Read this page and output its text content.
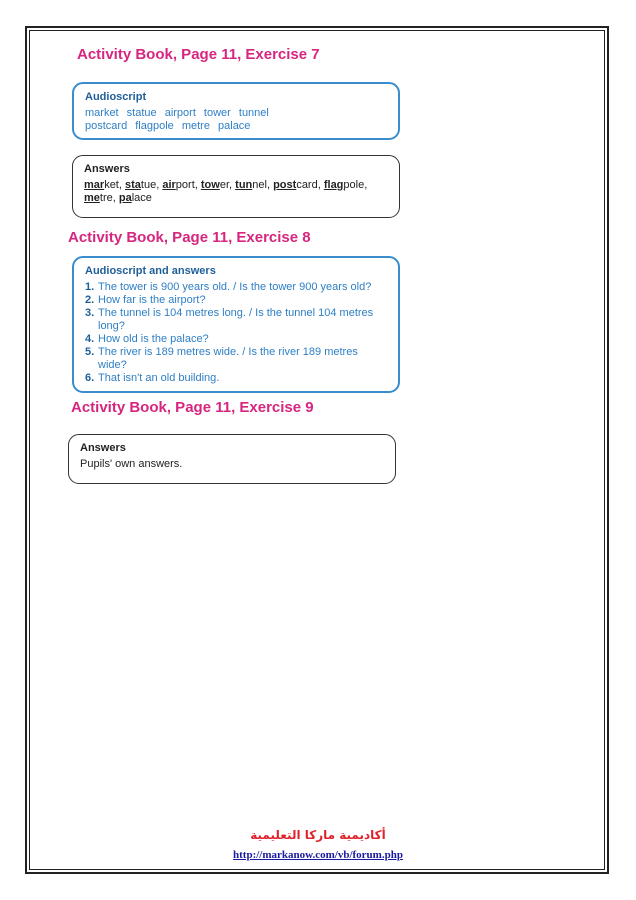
Activity Book, Page 11, Exercise 7
Audioscript
market statue airport tower tunnel
postcard flagpole metre palace
Answers
market, statue, airport, tower, tunnel, postcard, flagpole, metre, palace
Activity Book, Page 11, Exercise 8
Audioscript and answers
1. The tower is 900 years old. / Is the tower 900 years old?
2. How far is the airport?
3. The tunnel is 104 metres long. / Is the tunnel 104 metres long?
4. How old is the palace?
5. The river is 189 metres wide. / Is the river 189 metres wide?
6. That isn't an old building.
Activity Book, Page 11, Exercise 9
Answers
Pupils' own answers.
أكاديمية ماركا التعليمية
http://markanow.com/vb/forum.php
